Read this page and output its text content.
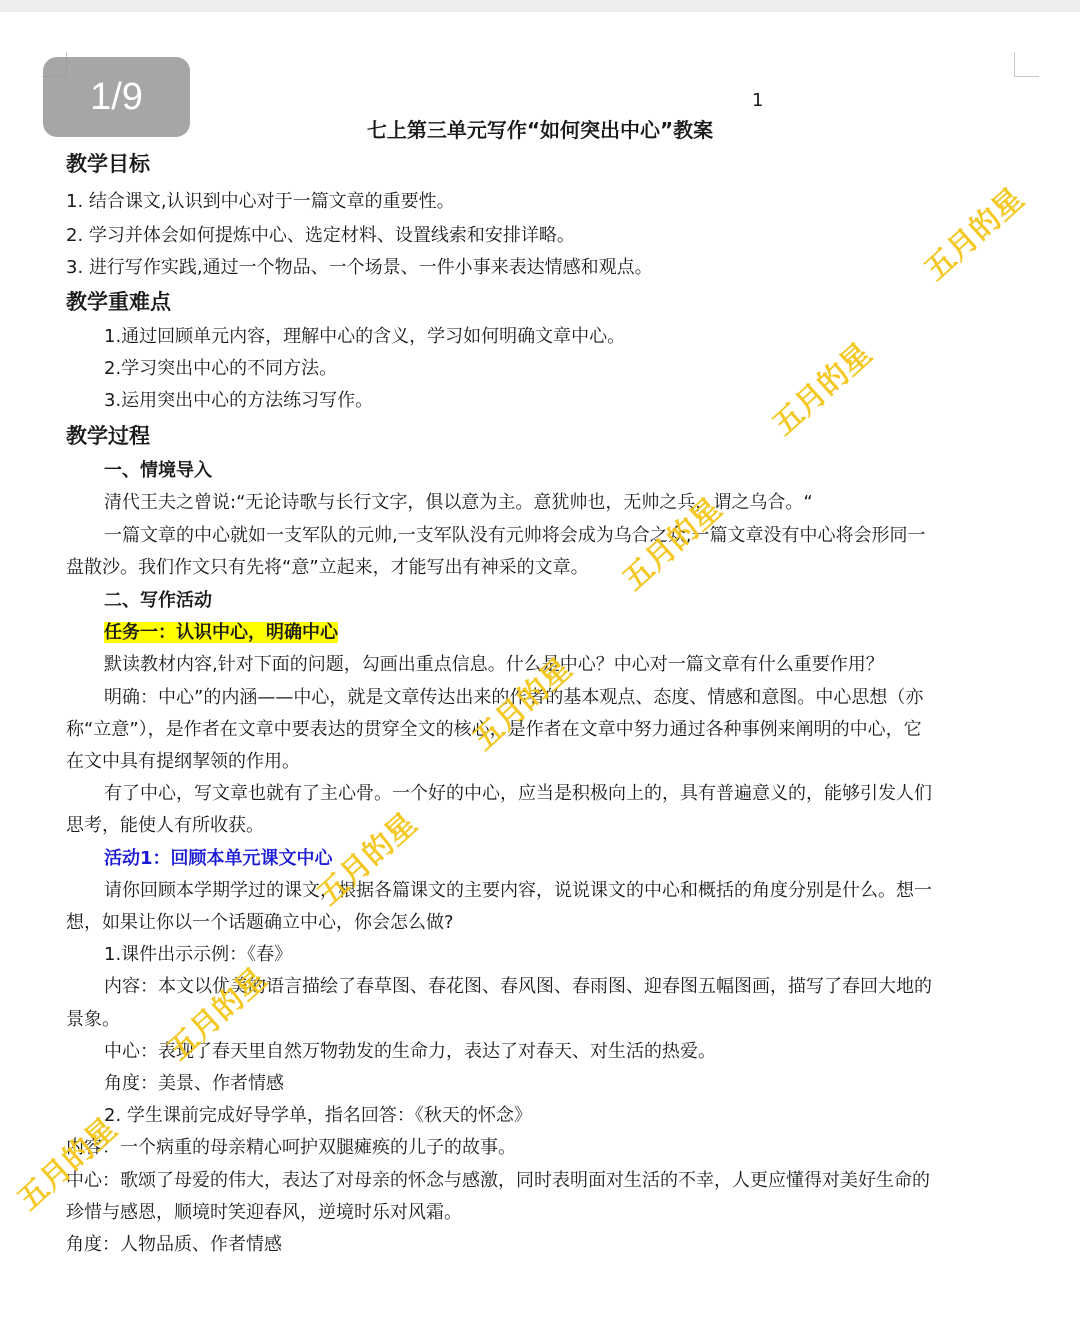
1/9	1
七上第三单元写作“如何突出中心”教案
教学目标
1. 结合课文,认识到中心对于一篇文章的重要性。
2. 学习并体会如何提炼中心、选定材料、设置线索和安排详略。
3. 进行写作实践,通过一个物品、一个场景、一件小事来表达情感和观点。
教学重难点
1.通过回顾单元内容，理解中心的含义，学习如何明确文章中心。
2.学习突出中心的不同方法。
3.运用突出中心的方法练习写作。
教学过程
一、情境导入
清代王夫之曾说:“无论诗歌与长行文字，俱以意为主。意犹帅也，无帅之兵，谓之乌合。“
一篇文章的中心就如一支军队的元帅,一支军队没有元帅将会成为乌合之众,一篇文章没有中心将会形同一
盘散沙。我们作文只有先将“意”立起来，才能写出有神采的文章。
二、写作活动
任务一：认识中心，明确中心
默读教材内容,针对下面的问题，勾画出重点信息。什么是中心？中心对一篇文章有什么重要作用？
明确：中心”的内涵——中心，就是文章传达出来的作者的基本观点、态度、情感和意图。中心思想（亦
称“立意”），是作者在文章中要表达的贯穿全文的核心，是作者在文章中努力通过各种事例来阐明的中心，它
在文中具有提纲挈领的作用。
有了中心，写文章也就有了主心骨。一个好的中心，应当是积极向上的，具有普遍意义的，能够引发人们
思考，能使人有所收获。
活动1：回顾本单元课文中心
请你回顾本学期学过的课文，根据各篇课文的主要内容，说说课文的中心和概括的角度分别是什么。想一
想，如果让你以一个话题确立中心，你会怎么做?
1.课件出示示例：《春》
内容：本文以优美的语言描绘了春草图、春花图、春风图、春雨图、迎春图五幅图画，描写了春回大地的
景象。
中心：表现了春天里自然万物勃发的生命力，表达了对春天、对生活的热爱。
角度：美景、作者情感
2. 学生课前完成好导学单，指名回答：《秋天的怀念》
内容：一个病重的母亲精心呵护双腿瘫痪的儿子的故事。
中心：歌颂了母爱的伟大，表达了对母亲的怀念与感激，同时表明面对生活的不幸，人更应懂得对美好生命的
珍惜与感恩，顺境时笑迎春风，逆境时乐对风霜。
角度：人物品质、作者情感
五月的星
五月的星
五月的星
五月的星
五月的星
五月的星
五月的星
